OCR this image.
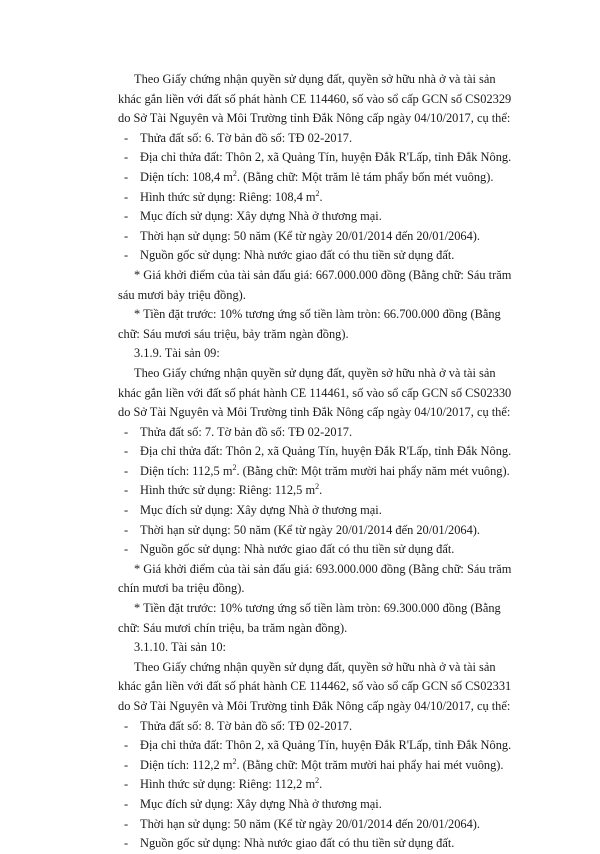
Theo Giấy chứng nhận quyền sử dụng đất, quyền sở hữu nhà ở và tài sản khác gắn liền với đất số phát hành CE 114460, số vào sổ cấp GCN số CS02329 do Sở Tài Nguyên và Môi Trường tỉnh Đắk Nông cấp ngày 04/10/2017, cụ thể:

- Thửa đất số: 6. Tờ bản đồ số: TĐ 02-2017.

- Địa chỉ thửa đất: Thôn 2, xã Quảng Tín, huyện Đắk R'Lấp, tỉnh Đắk Nông.

- Diện tích: 108,4 $m^2$. (Bằng chữ: Một trăm lẻ tám phẩy bốn mét vuông).

- Hình thức sử dụng: Riêng: 108,4 $m^2$.

- Mục đích sử dụng: Xây dựng Nhà ở thương mại.

- Thời hạn sử dụng: 50 năm (Kể từ ngày 20/01/2014 đến 20/01/2064).

- Nguồn gốc sử dụng: Nhà nước giao đất có thu tiền sử dụng đất.

* Giá khởi điểm của tài sản đấu giá: 667.000.000 đồng (Bằng chữ: Sáu trăm sáu mươi bảy triệu đồng).

* Tiền đặt trước: 10% tương ứng số tiền làm tròn: 66.700.000 đồng (Bằng chữ: Sáu mươi sáu triệu, bảy trăm ngàn đồng).

3.1.9. Tài sản 09:

Theo Giấy chứng nhận quyền sử dụng đất, quyền sở hữu nhà ở và tài sản khác gắn liền với đất số phát hành CE 114461, số vào sổ cấp GCN số CS02330 do Sở Tài Nguyên và Môi Trường tỉnh Đắk Nông cấp ngày 04/10/2017, cụ thể:

- Thửa đất số: 7. Tờ bản đồ số: TĐ 02-2017.

- Địa chỉ thửa đất: Thôn 2, xã Quảng Tín, huyện Đắk R'Lấp, tỉnh Đắk Nông.

- Diện tích: 112,5 $m^2$. (Bằng chữ: Một trăm mười hai phẩy năm mét vuông).

- Hình thức sử dụng: Riêng: 112,5 $m^2$.

- Mục đích sử dụng: Xây dựng Nhà ở thương mại.

- Thời hạn sử dụng: 50 năm (Kể từ ngày 20/01/2014 đến 20/01/2064).

- Nguồn gốc sử dụng: Nhà nước giao đất có thu tiền sử dụng đất.

* Giá khởi điểm của tài sản đấu giá: 693.000.000 đồng (Bằng chữ: Sáu trăm chín mươi ba triệu đồng).

* Tiền đặt trước: 10% tương ứng số tiền làm tròn: 69.300.000 đồng (Bằng chữ: Sáu mươi chín triệu, ba trăm ngàn đồng).

3.1.10. Tài sản 10:

Theo Giấy chứng nhận quyền sử dụng đất, quyền sở hữu nhà ở và tài sản khác gắn liền với đất số phát hành CE 114462, số vào sổ cấp GCN số CS02331 do Sở Tài Nguyên và Môi Trường tỉnh Đắk Nông cấp ngày 04/10/2017, cụ thể:

- Thửa đất số: 8. Tờ bản đồ số: TĐ 02-2017.

- Địa chỉ thửa đất: Thôn 2, xã Quảng Tín, huyện Đắk R'Lấp, tỉnh Đắk Nông.

- Diện tích: 112,2 $m^2$. (Bằng chữ: Một trăm mười hai phẩy hai mét vuông).

- Hình thức sử dụng: Riêng: 112,2 $m^2$.

- Mục đích sử dụng: Xây dựng Nhà ở thương mại.

- Thời hạn sử dụng: 50 năm (Kể từ ngày 20/01/2014 đến 20/01/2064).

- Nguồn gốc sử dụng: Nhà nước giao đất có thu tiền sử dụng đất.
